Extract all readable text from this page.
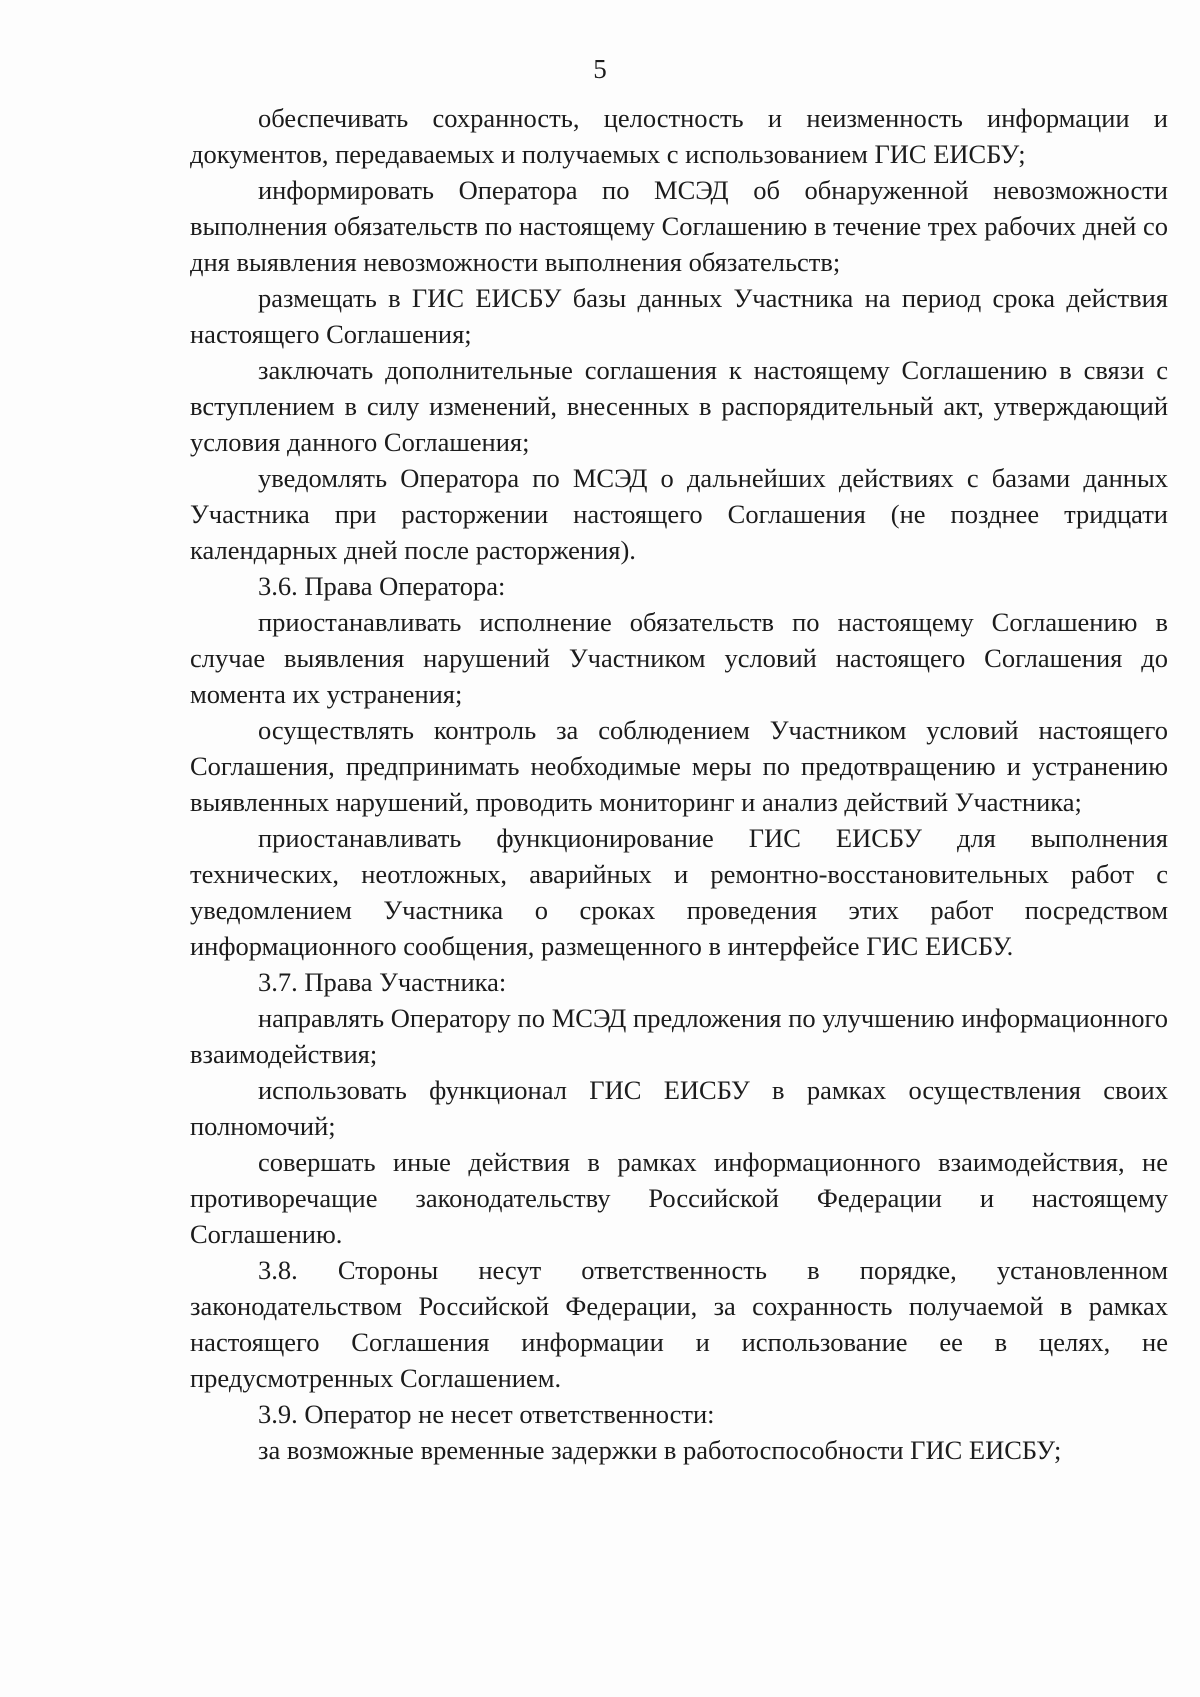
5

обеспечивать сохранность, целостность и неизменность информации и документов, передаваемых и получаемых с использованием ГИС ЕИСБУ;

информировать Оператора по МСЭД об обнаруженной невозможности выполнения обязательств по настоящему Соглашению в течение трех рабочих дней со дня выявления невозможности выполнения обязательств;

размещать в ГИС ЕИСБУ базы данных Участника на период срока действия настоящего Соглашения;

заключать дополнительные соглашения к настоящему Соглашению в связи с вступлением в силу изменений, внесенных в распорядительный акт, утверждающий условия данного Соглашения;

уведомлять Оператора по МСЭД о дальнейших действиях с базами данных Участника при расторжении настоящего Соглашения (не позднее тридцати календарных дней после расторжения).

3.6. Права Оператора:

приостанавливать исполнение обязательств по настоящему Соглашению в случае выявления нарушений Участником условий настоящего Соглашения до момента их устранения;

осуществлять контроль за соблюдением Участником условий настоящего Соглашения, предпринимать необходимые меры по предотвращению и устранению выявленных нарушений, проводить мониторинг и анализ действий Участника;

приостанавливать функционирование ГИС ЕИСБУ для выполнения технических, неотложных, аварийных и ремонтно-восстановительных работ с уведомлением Участника о сроках проведения этих работ посредством информационного сообщения, размещенного в интерфейсе ГИС ЕИСБУ.

3.7. Права Участника:

направлять Оператору по МСЭД предложения по улучшению информационного взаимодействия;

использовать функционал ГИС ЕИСБУ в рамках осуществления своих полномочий;

совершать иные действия в рамках информационного взаимодействия, не противоречащие законодательству Российской Федерации и настоящему Соглашению.

3.8. Стороны несут ответственность в порядке, установленном законодательством Российской Федерации, за сохранность получаемой в рамках настоящего Соглашения информации и использование ее в целях, не предусмотренных Соглашением.

3.9. Оператор не несет ответственности:

за возможные временные задержки в работоспособности ГИС ЕИСБУ;
